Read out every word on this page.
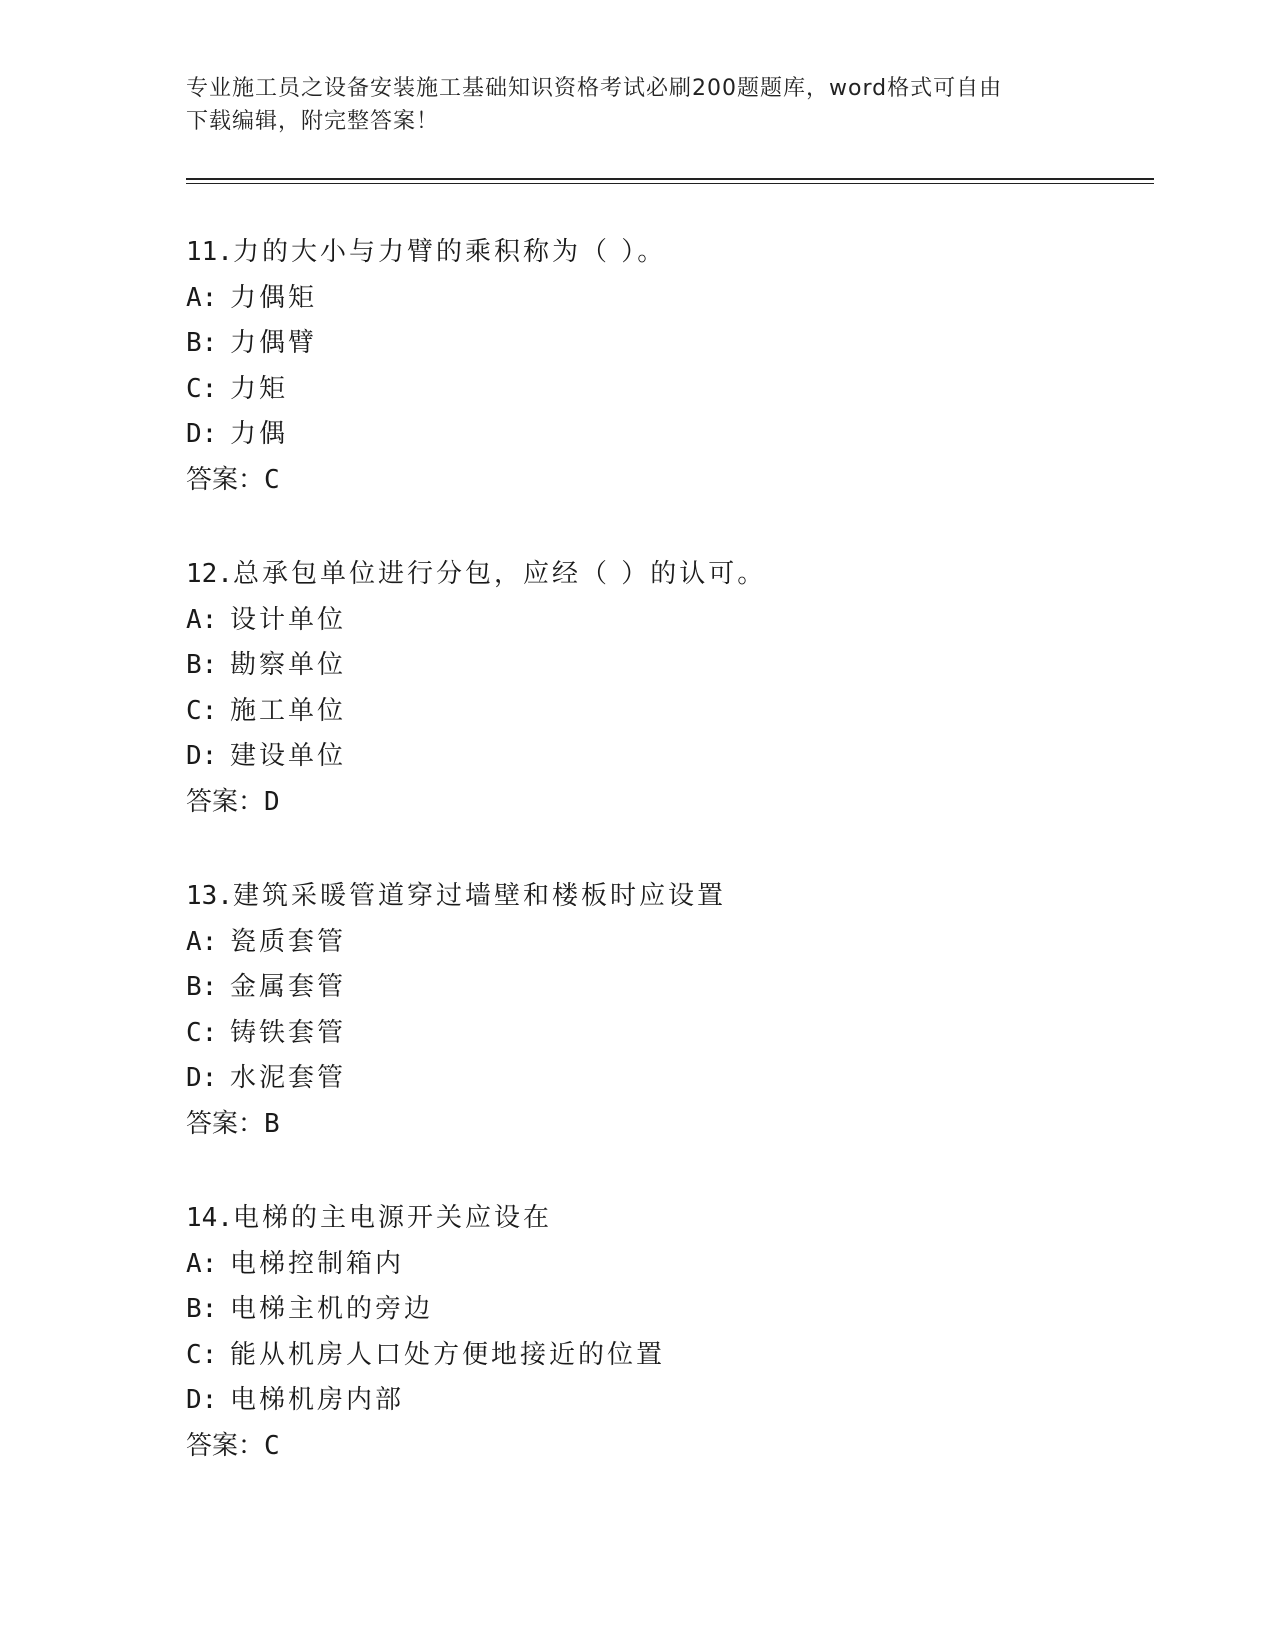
专业施工员之设备安装施工基础知识资格考试必刷200题题库，word格式可自由
下载编辑，附完整答案！
11.力的大小与力臂的乘积称为（ ）。
A: 力偶矩
B: 力偶臂
C: 力矩
D: 力偶
答案：C
12.总承包单位进行分包，应经（ ）的认可。
A: 设计单位
B: 勘察单位
C: 施工单位
D: 建设单位
答案：D
13.建筑采暖管道穿过墙壁和楼板时应设置
A: 瓷质套管
B: 金属套管
C: 铸铁套管
D: 水泥套管
答案：B
14.电梯的主电源开关应设在
A: 电梯控制箱内
B: 电梯主机的旁边
C: 能从机房人口处方便地接近的位置
D: 电梯机房内部
答案：C
